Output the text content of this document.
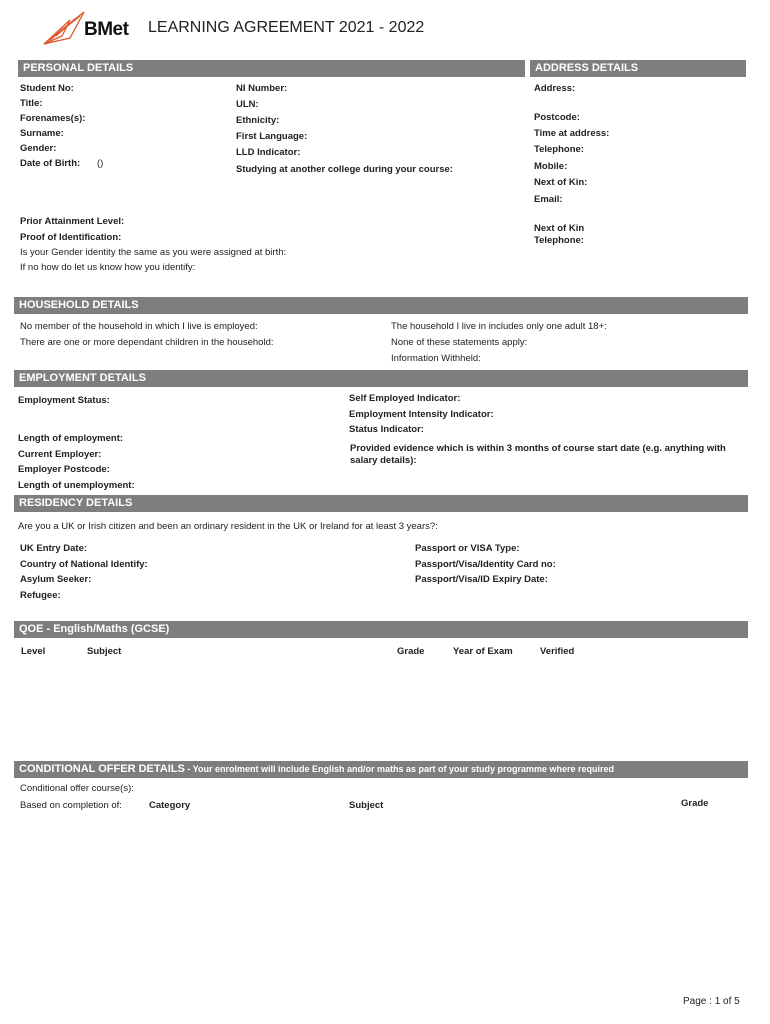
BMet LEARNING AGREEMENT 2021 - 2022
PERSONAL DETAILS	ADDRESS DETAILS
Student No:
Title:
Forenames(s):
Surname:
Gender:
Date of Birth: ()
NI Number:
ULN:
Ethnicity:
First Language:
LLD Indicator:
Studying at another college during your course:
Prior Attainment Level:
Proof of Identification:
Is your Gender identity the same as you were assigned at birth:
If no how do let us know how you identify:
Address:
Postcode:
Time at address:
Telephone:
Mobile:
Next of Kin:
Email:
Next of Kin
Telephone:
HOUSEHOLD DETAILS
No member of the household in which I live is employed:
There are one or more dependant children in the household:
The household I live in includes only one adult 18+:
None of these statements apply:
Information Withheld:
EMPLOYMENT DETAILS
Employment Status:
Length of employment:
Current Employer:
Employer Postcode:
Length of unemployment:
Self Employed Indicator:
Employment Intensity Indicator:
Status Indicator:
Provided evidence which is within 3 months of course start date (e.g. anything with
salary details):
RESIDENCY DETAILS
Are you a UK or Irish citizen and been an ordinary resident in the UK or Ireland for at least 3 years?:
UK Entry Date:
Country of National Identify:
Asylum Seeker:
Refugee:
Passport or VISA Type:
Passport/Visa/Identity Card no:
Passport/Visa/ID Expiry Date:
QOE - English/Maths (GCSE)
Level	Subject	Grade	Year of Exam	Verified
CONDITIONAL OFFER DETAILS - Your enrolment will include English and/or maths as part of your study programme where required
Conditional offer course(s):
Based on completion of:	Category	Subject	Grade
Page : 1 of 5
